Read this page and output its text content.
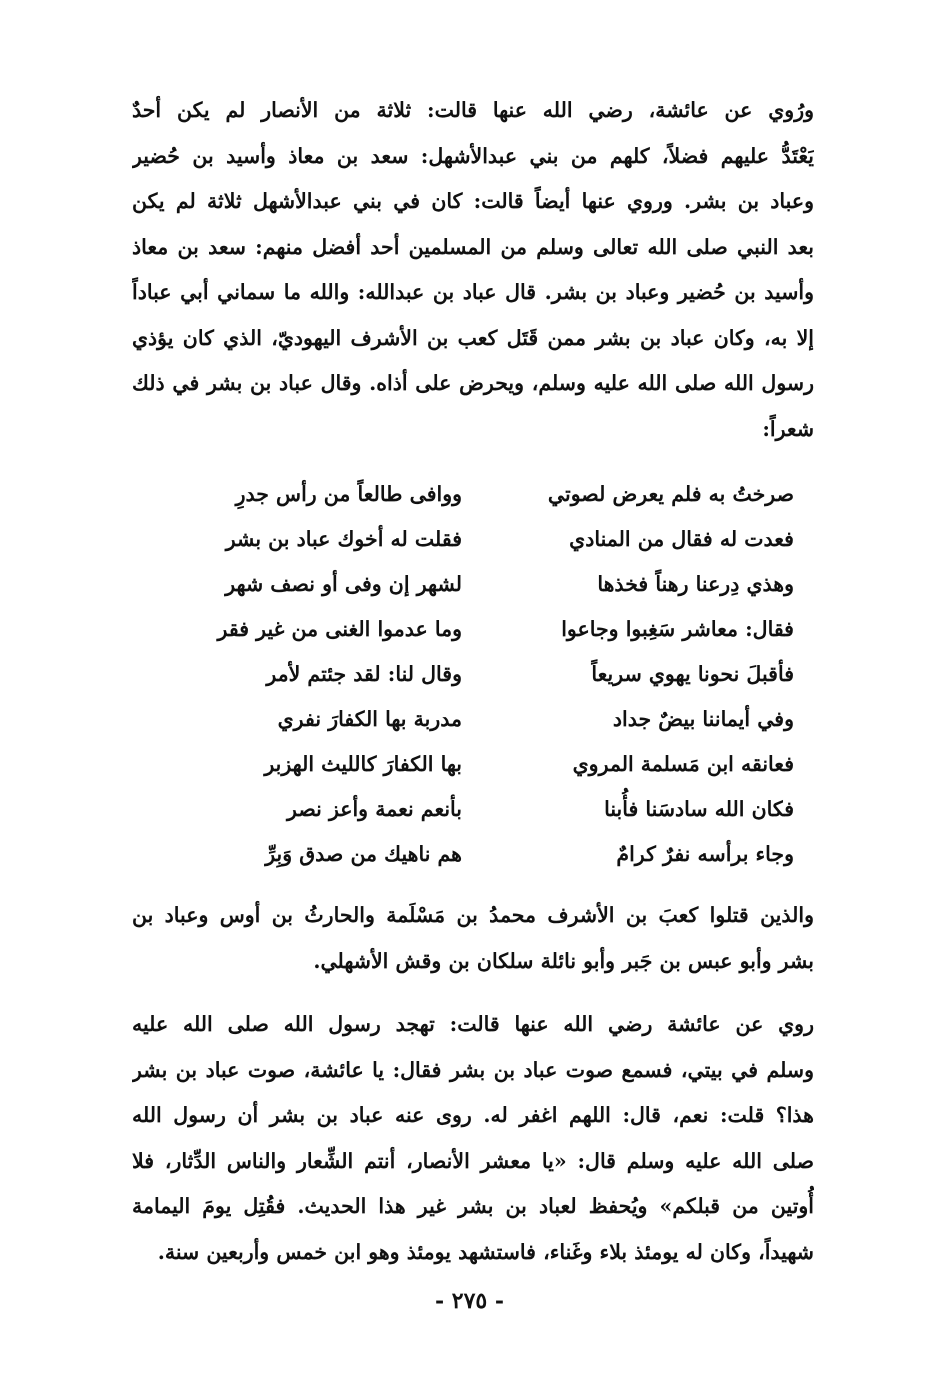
ورُوي عن عائشة، رضي الله عنها قالت: ثلاثة من الأنصار لم يكن أحدٌ
يَعْتَدُّ عليهم فضلاً، كلهم من بني عبدالأشهل: سعد بن معاذ وأسيد بن حُضير
وعباد بن بشر. وروي عنها أيضاً قالت: كان في بني عبدالأشهل ثلاثة لم يكن
بعد النبي صلى الله تعالى وسلم من المسلمين أحد أفضل منهم: سعد بن معاذ
وأسيد بن حُضير وعباد بن بشر. قال عباد بن عبدالله: والله ما سماني أبي عباداً
إلا به، وكان عباد بن بشر ممن قَتَل كعب بن الأشرف اليهوديّ، الذي كان يؤذي
رسول الله صلى الله عليه وسلم، ويحرض على أذاه. وقال عباد بن بشر في ذلك
شعراً:
صرختُ به فلم يعرض لصوتي
ووافى طالعاً من رأس جدرِ
فعدت له فقال من المنادي
فقلت له أخوك عباد بن بشر
وهذي دِرعنا رهناً فخذها
لشهر إن وفى أو نصف شهر
فقال: معاشر سَغِبوا وجاعوا
وما عدموا الغنى من غير فقر
فأقبلَ نحونا يهوي سريعاً
وقال لنا: لقد جئتم لأمر
وفي أيماننا بيضٌ جداد
مدربة بها الكفارَ نفري
فعانقه ابن مَسلمة المروي
بها الكفارَ كالليث الهزبر
فكان الله سادسَنا فأُبنا
بأنعم نعمة وأعز نصر
وجاء برأسه نفرٌ كرامٌ
هم ناهيك من صدق وَبِرِّ
والذين قتلوا كعبَ بن الأشرف محمدُ بن مَسْلَمة والحارثُ بن أوس وعباد بن
بشر وأبو عبس بن جَبر وأبو نائلة سلكان بن وقش الأشهلي.
روي عن عائشة رضي الله عنها قالت: تهجد رسول الله صلى الله عليه
وسلم في بيتي، فسمع صوت عباد بن بشر فقال: يا عائشة، صوت عباد بن بشر
هذا؟ قلت: نعم، قال: اللهم اغفر له. روى عنه عباد بن بشر أن رسول الله
صلى الله عليه وسلم قال: «يا معشر الأنصار، أنتم الشِّعار والناس الدِّثار، فلا
أُوتين من قبلكم» ويُحفظ لعباد بن بشر غير هذا الحديث. فقُتِل يومَ اليمامة
شهيداً، وكان له يومئذ بلاء وغَناء، فاستشهد يومئذ وهو ابن خمس وأربعين سنة.
- ٢٧٥ -
